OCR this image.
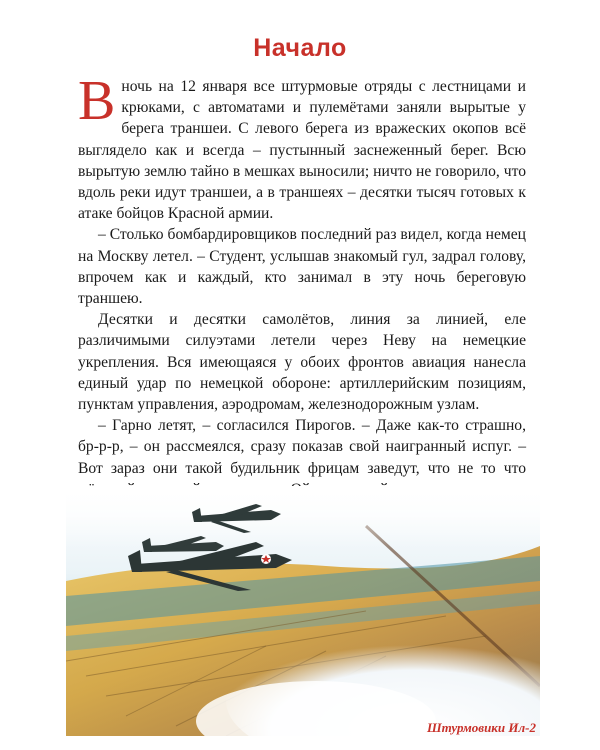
Начало

В ночь на 12 января все штурмовые отряды с лестницами и крюками, с автоматами и пулемётами заняли вырытые у берега траншеи. С левого берега из вражеских окопов всё выглядело как и всегда – пустынный заснеженный берег. Всю вырытую землю тайно в мешках выносили; ничто не говорило, что вдоль реки идут траншеи, а в траншеях – десятки тысяч готовых к атаке бойцов Красной армии.

– Столько бомбардировщиков последний раз видел, когда немец на Москву летел. – Студент, услышав знакомый гул, задрал голову, впрочем как и каждый, кто занимал в эту ночь береговую траншею.

Десятки и десятки самолётов, линия за линией, еле различимыми силуэтами летели через Неву на немецкие укрепления. Вся имеющаяся у обоих фронтов авиация нанесла единый удар по немецкой обороне: артиллерийским позициям, пунктам управления, аэродромам, железнодорожным узлам.

– Гарно летят, – согласился Пирогов. – Даже как-то страшно, бр-р-р, – он рассмеялся, сразу показав свой наигранный испуг. – Вот зараз они такой будильник фрицам заведут, что не то что

Штурмовики Ил-2
